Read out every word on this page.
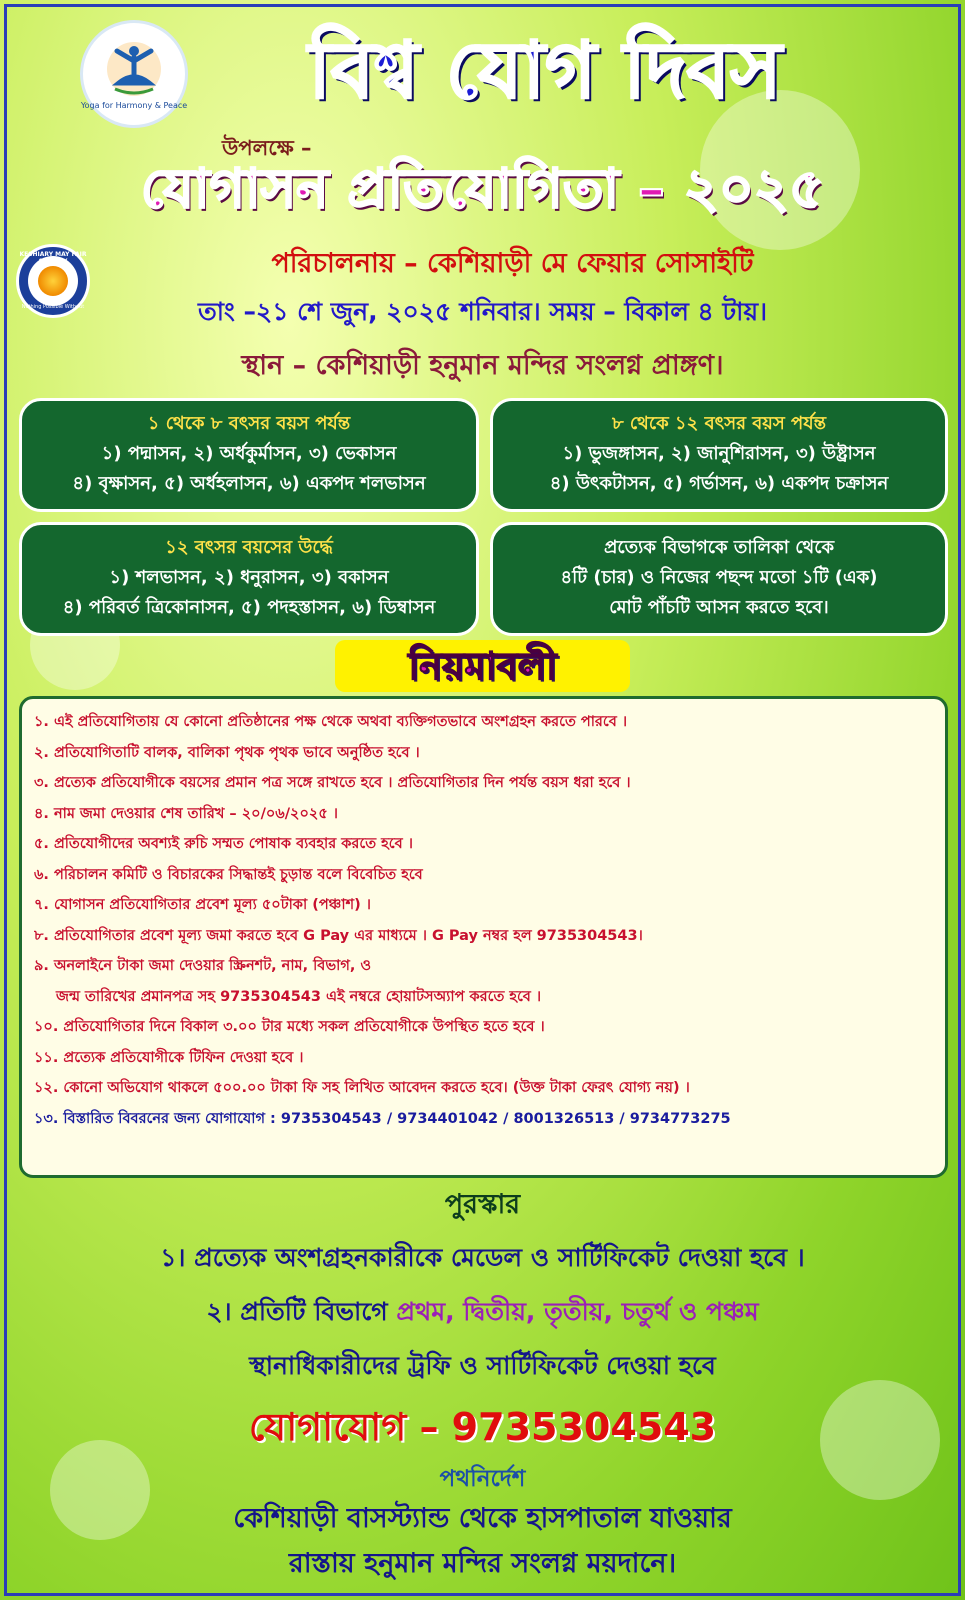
Yoga for Harmony & Peace
KESHIARY MAY FAIR SOCIETY
Nothing Possible Without
বিশ্ব যোগ দিবস
উপলক্ষে –
যোগাসন প্রতিযোগিতা – ২০২৫
পরিচালনায় – কেশিয়াড়ী মে ফেয়ার সোসাইটি
তাং –২১ শে জুন, ২০২৫ শনিবার। সময় – বিকাল ৪ টায়।
স্থান – কেশিয়াড়ী হনুমান মন্দির সংলগ্ন প্রাঙ্গণ।
১ থেকে ৮ বৎসর বয়স পর্যন্ত
১) পদ্মাসন, ২) অর্ধকুর্মাসন, ৩) ভেকাসন
৪) বৃক্ষাসন, ৫) অর্ধহলাসন, ৬) একপদ শলভাসন
৮ থেকে ১২ বৎসর বয়স পর্যন্ত
১) ভুজঙ্গাসন, ২) জানুশিরাসন, ৩) উষ্ট্রাসন
৪) উৎকটাসন, ৫) গর্ভাসন, ৬) একপদ চক্রাসন
১২ বৎসর বয়সের উর্দ্ধে
১) শলভাসন, ২) ধনুরাসন, ৩) বকাসন
৪) পরিবর্ত ত্রিকোনাসন, ৫) পদহস্তাসন, ৬) ডিম্বাসন
প্রত্যেক বিভাগকে তালিকা থেকে
৪টি (চার) ও নিজের পছন্দ মতো ১টি (এক)
মোট পাঁচটি আসন করতে হবে।
নিয়মাবলী
১. এই প্রতিযোগিতায় যে কোনো প্রতিষ্ঠানের পক্ষ থেকে অথবা ব্যক্তিগতভাবে অংশগ্রহন করতে পারবে ।
২. প্রতিযোগিতাটি বালক, বালিকা পৃথক পৃথক ভাবে অনুষ্ঠিত হবে ।
৩. প্রত্যেক প্রতিযোগীকে বয়সের প্রমান পত্র সঙ্গে রাখতে হবে । প্রতিযোগিতার দিন পর্যন্ত বয়স ধরা হবে ।
৪. নাম জমা দেওয়ার শেষ তারিখ – ২০/০৬/২০২৫ ।
৫. প্রতিযোগীদের অবশ্যই রুচি সম্মত পোষাক ব্যবহার করতে হবে ।
৬. পরিচালন কমিটি ও বিচারকের সিদ্ধান্তই চুড়ান্ত বলে বিবেচিত হবে
৭. যোগাসন প্রতিযোগিতার প্রবেশ মূল্য ৫০টাকা (পঞ্চাশ) ।
৮. প্রতিযোগিতার প্রবেশ মূল্য জমা করতে হবে G Pay এর মাধ্যমে । G Pay নম্বর হল 9735304543।
৯. অনলাইনে টাকা জমা দেওয়ার স্ক্রিনশট, নাম, বিভাগ, ও
জন্ম তারিখের প্রমানপত্র সহ 9735304543 এই নম্বরে হোয়াটসঅ্যাপ করতে হবে ।
১০. প্রতিযোগিতার দিনে বিকাল ৩.০০ টার মধ্যে সকল প্রতিযোগীকে উপস্থিত হতে হবে ।
১১. প্রত্যেক প্রতিযোগীকে টিফিন দেওয়া হবে ।
১২. কোনো অভিযোগ থাকলে ৫০০.০০ টাকা ফি সহ লিখিত আবেদন করতে হবে। (উক্ত টাকা ফেরৎ যোগ্য নয়) ।
১৩. বিস্তারিত বিবরনের জন্য যোগাযোগ : 9735304543 / 9734401042 / 8001326513 / 9734773275
পুরস্কার
১। প্রত্যেক অংশগ্রহনকারীকে মেডেল ও সার্টিফিকেট দেওয়া হবে ।
২। প্রতিটি বিভাগে প্রথম, দ্বিতীয়, তৃতীয়, চতুর্থ ও পঞ্চম
স্থানাধিকারীদের ট্রফি ও সার্টিফিকেট দেওয়া হবে
যোগাযোগ – 9735304543
পথনির্দেশ
কেশিয়াড়ী বাসস্ট্যান্ড থেকে হাসপাতাল যাওয়ার
রাস্তায় হনুমান মন্দির সংলগ্ন ময়দানে।
